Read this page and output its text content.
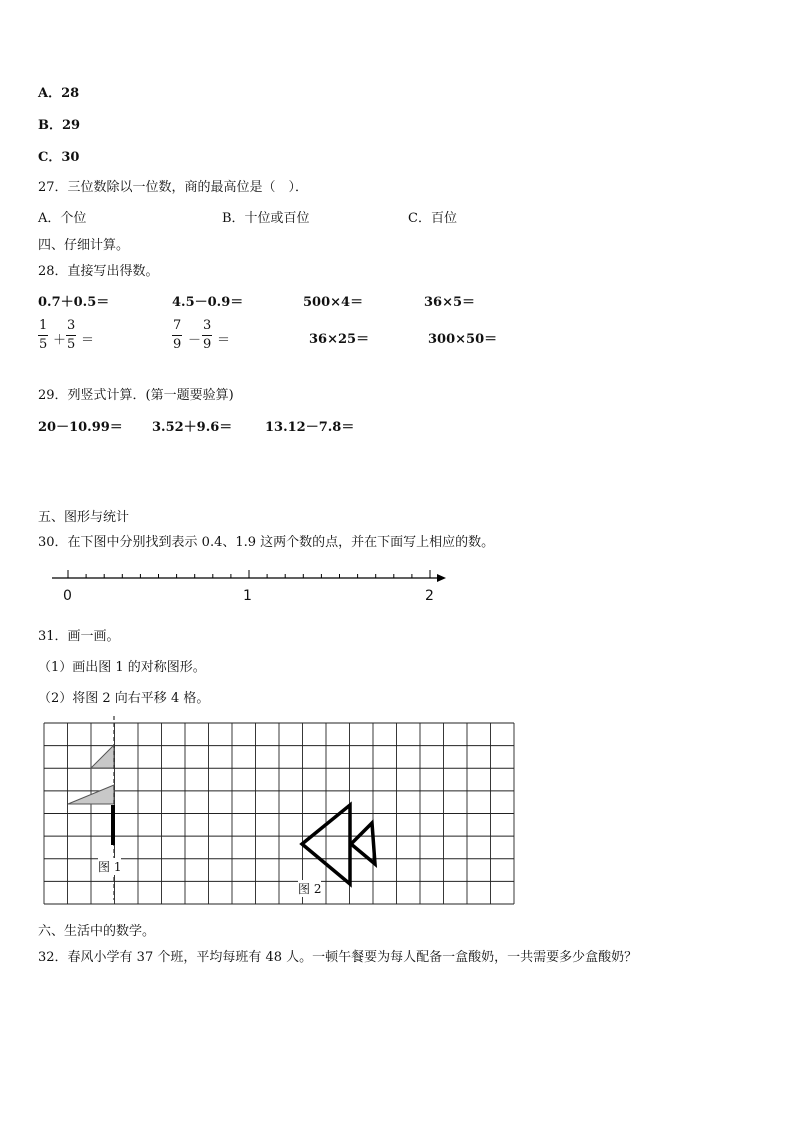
A．28
B．29
C．30
27．三位数除以一位数，商的最高位是（　）．
A．个位	B．十位或百位	C．百位
四、仔细计算。
28．直接写出得数。
0.7＋0.5＝	4.5－0.9＝	500×4＝	36×5＝
1
5 ＋
3
5 ＝
7
9 －
3
9 ＝	36×25＝	300×50＝
29．列竖式计算．(第一题要验算)
20－10.99＝ 3.52＋9.6＝	13.12－7.8＝
五、图形与统计
30．在下图中分别找到表示 0.4、1.9 这两个数的点，并在下面写上相应的数。
0	1	2
31．画一画。
（1）画出图 1 的对称图形。
（2）将图 2 向右平移 4 格。
图 1
图 2
六、生活中的数学。
32．春风小学有 37 个班，平均每班有 48 人。一顿午餐要为每人配备一盒酸奶，一共需要多少盒酸奶？
